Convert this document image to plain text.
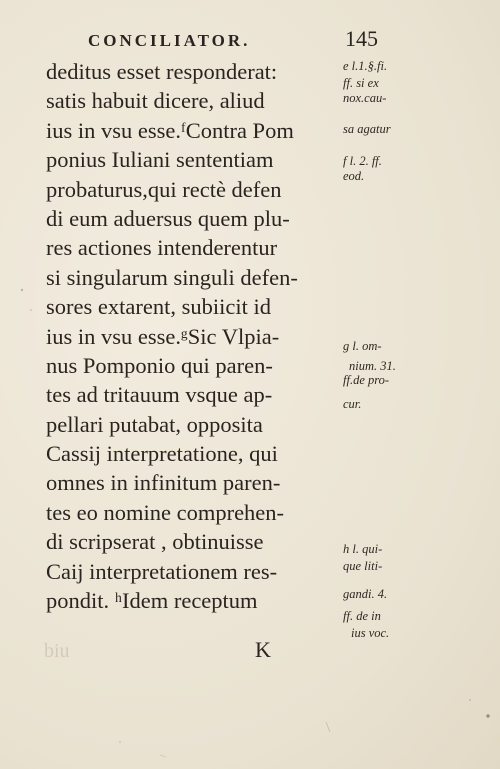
CONCILIATOR.	145
deditus esset responderat:
satis habuit dicere, aliud
ius in vsu esse.ᶠContra Pom
ponius Iuliani sententiam
probaturus,qui rectè defen
di eum aduersus quem plu-
res actiones intenderentur
si singularum singuli defen-
sores extarent, subiicit id
ius in vsu esse.ᵍSic Vlpia-
nus Pomponio qui paren-
tes ad tritauum vsque ap-
pellari putabat, opposita
Cassij interpretatione, qui
omnes in infinitum paren-
tes eo nomine comprehen-
di scripserat , obtinuisse
Caij interpretationem res-
pondit. ʰIdem receptum
e l.1.§.fi.
ff. si ex
nox.cau-
sa agatur
f l. 2. ff.
eod.
g l. om-
nium. 31.
ff.de pro-
cur.
h l. qui-
que liti-
gandi. 4.
ff. de in
ius voc.
biu	K
